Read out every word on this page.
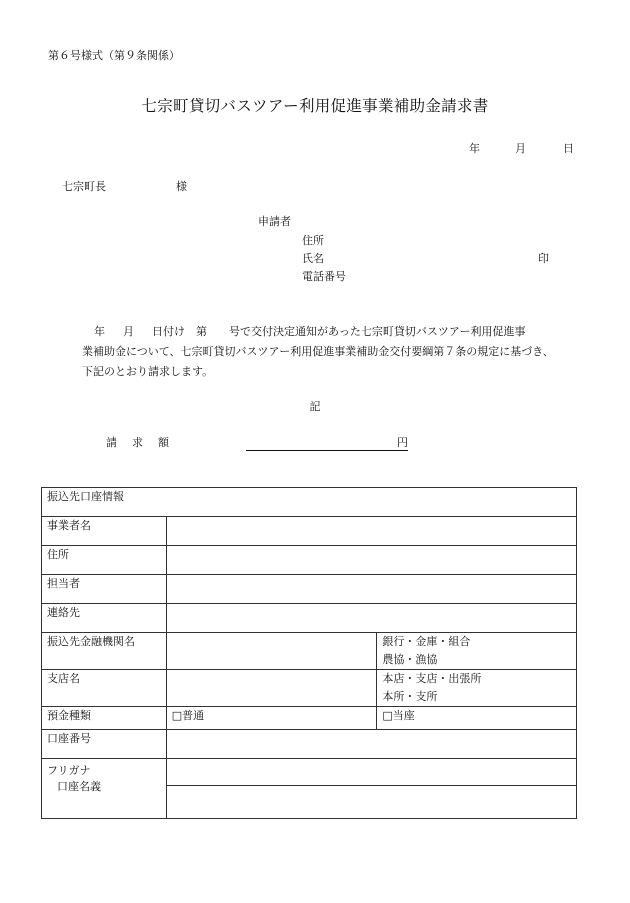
第６号様式（第９条関係）
七宗町貸切バスツアー利用促進事業補助金請求書
年	月	日
七宗町長	様
申請者
住所
氏名	印
電話番号
年 月 日付け　第 号で交付決定通知があった七宗町貸切バスツアー利用促進事
業補助金について、七宗町貸切バスツアー利用促進事業補助金交付要綱第７条の規定に基づき、
下記のとおり請求します。
記
請　求　額	円
振込先口座情報		
事業者名		
住所		
担当者		
連絡先		
振込先金融機関名		銀行・金庫・組合
農協・漁協

支店名		本店・支店・出張所
本所・支所

預金種類	□普通	□当座
口座番号		

フリガナ
口座名義		
